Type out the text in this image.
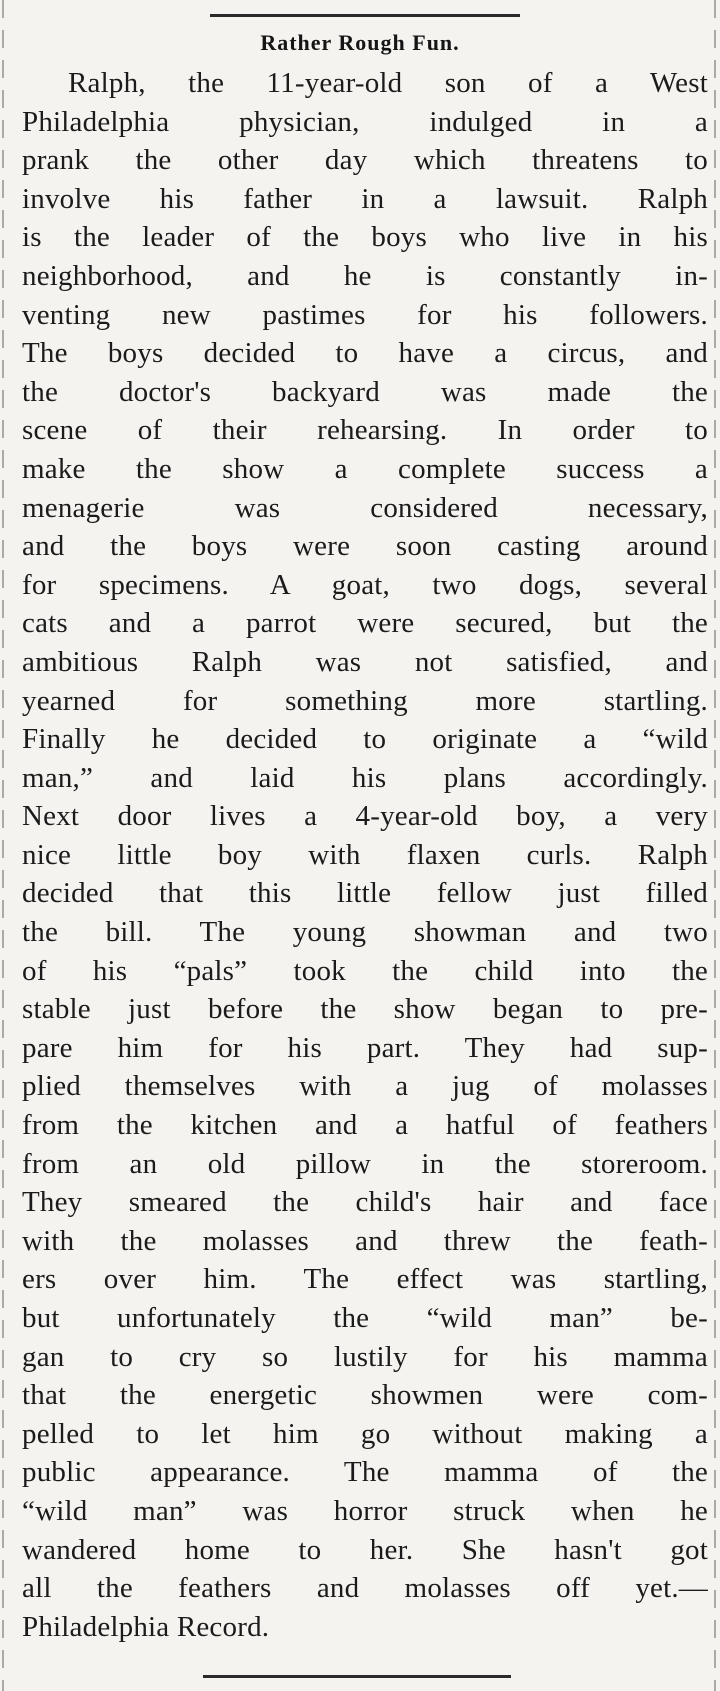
Rather Rough Fun.
Ralph, the 11-year-old son of a West
Philadelphia physician, indulged in a
prank the other day which threatens to
involve his father in a lawsuit. Ralph
is the leader of the boys who live in his
neighborhood, and he is constantly in-
venting new pastimes for his followers.
The boys decided to have a circus, and
the doctor's backyard was made the
scene of their rehearsing. In order to
make the show a complete success a
menagerie was considered necessary,
and the boys were soon casting around
for specimens. A goat, two dogs, several
cats and a parrot were secured, but the
ambitious Ralph was not satisfied, and
yearned for something more startling.
Finally he decided to originate a “wild
man,” and laid his plans accordingly.
Next door lives a 4-year-old boy, a very
nice little boy with flaxen curls. Ralph
decided that this little fellow just filled
the bill. The young showman and two
of his “pals” took the child into the
stable just before the show began to pre-
pare him for his part. They had sup-
plied themselves with a jug of molasses
from the kitchen and a hatful of feathers
from an old pillow in the storeroom.
They smeared the child's hair and face
with the molasses and threw the feath-
ers over him. The effect was startling,
but unfortunately the “wild man” be-
gan to cry so lustily for his mamma
that the energetic showmen were com-
pelled to let him go without making a
public appearance. The mamma of the
“wild man” was horror struck when he
wandered home to her. She hasn't got
all the feathers and molasses off yet.—
Philadelphia Record.
